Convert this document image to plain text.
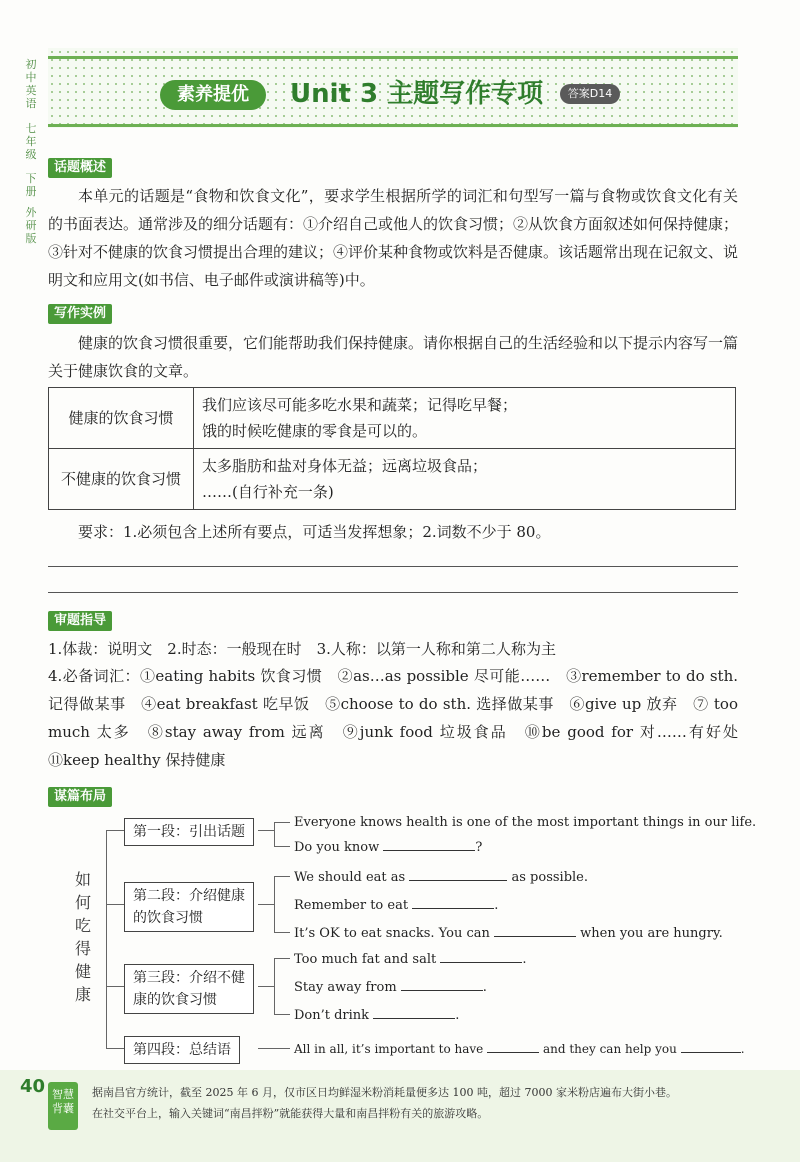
初
中
英
语
七
年
级
下
册
外
研
版
素养提优	Unit 3 主题写作专项	答案D14
话题概述
本单元的话题是“食物和饮食文化”，要求学生根据所学的词汇和句型写一篇与食物或饮食文化有关的书面表达。通常涉及的细分话题有：①介绍自己或他人的饮食习惯；②从饮食方面叙述如何保持健康；③针对不健康的饮食习惯提出合理的建议；④评价某种食物或饮料是否健康。该话题常出现在记叙文、说明文和应用文(如书信、电子邮件或演讲稿等)中。
写作实例
健康的饮食习惯很重要，它们能帮助我们保持健康。请你根据自己的生活经验和以下提示内容写一篇关于健康饮食的文章。
健康的饮食习惯	我们应该尽可能多吃水果和蔬菜；记得吃早餐；
饿的时候吃健康的零食是可以的。

不健康的饮食习惯	太多脂肪和盐对身体无益；远离垃圾食品；
……(自行补充一条)
要求：1.必须包含上述所有要点，可适当发挥想象；2.词数不少于 80。
审题指导
1.体裁：说明文　2.时态：一般现在时　3.人称：以第一人称和第二人称为主
4.必备词汇：①eating habits 饮食习惯　②as…as possible 尽可能……　③remember to do sth. 记得做某事　④eat breakfast 吃早饭　⑤choose to do sth. 选择做某事　⑥give up 放弃　⑦ too much 太多　⑧stay away from 远离　⑨junk food 垃圾食品　⑩be good for 对……有好处　⑪keep healthy 保持健康
谋篇布局
如
何
吃
得
健
康
第一段：引出话题
第二段：介绍健康
的饮食习惯
第三段：介绍不健
康的饮食习惯
第四段：总结语
Everyone knows health is one of the most important things in our life.
Do you know	?
We should eat as	as possible.
Remember to eat	.
It’s OK to eat snacks. You can	when you are hungry.
Too much fat and salt	.
Stay away from	.
Don’t drink	.
All in all, it’s important to have	and they can help you	.
40 智慧
背囊
据南昌官方统计，截至 2025 年 6 月，仅市区日均鲜湿米粉消耗量便多达 100 吨，超过 7000 家米粉店遍布大街小巷。
在社交平台上，输入关键词“南昌拌粉”就能获得大量和南昌拌粉有关的旅游攻略。
